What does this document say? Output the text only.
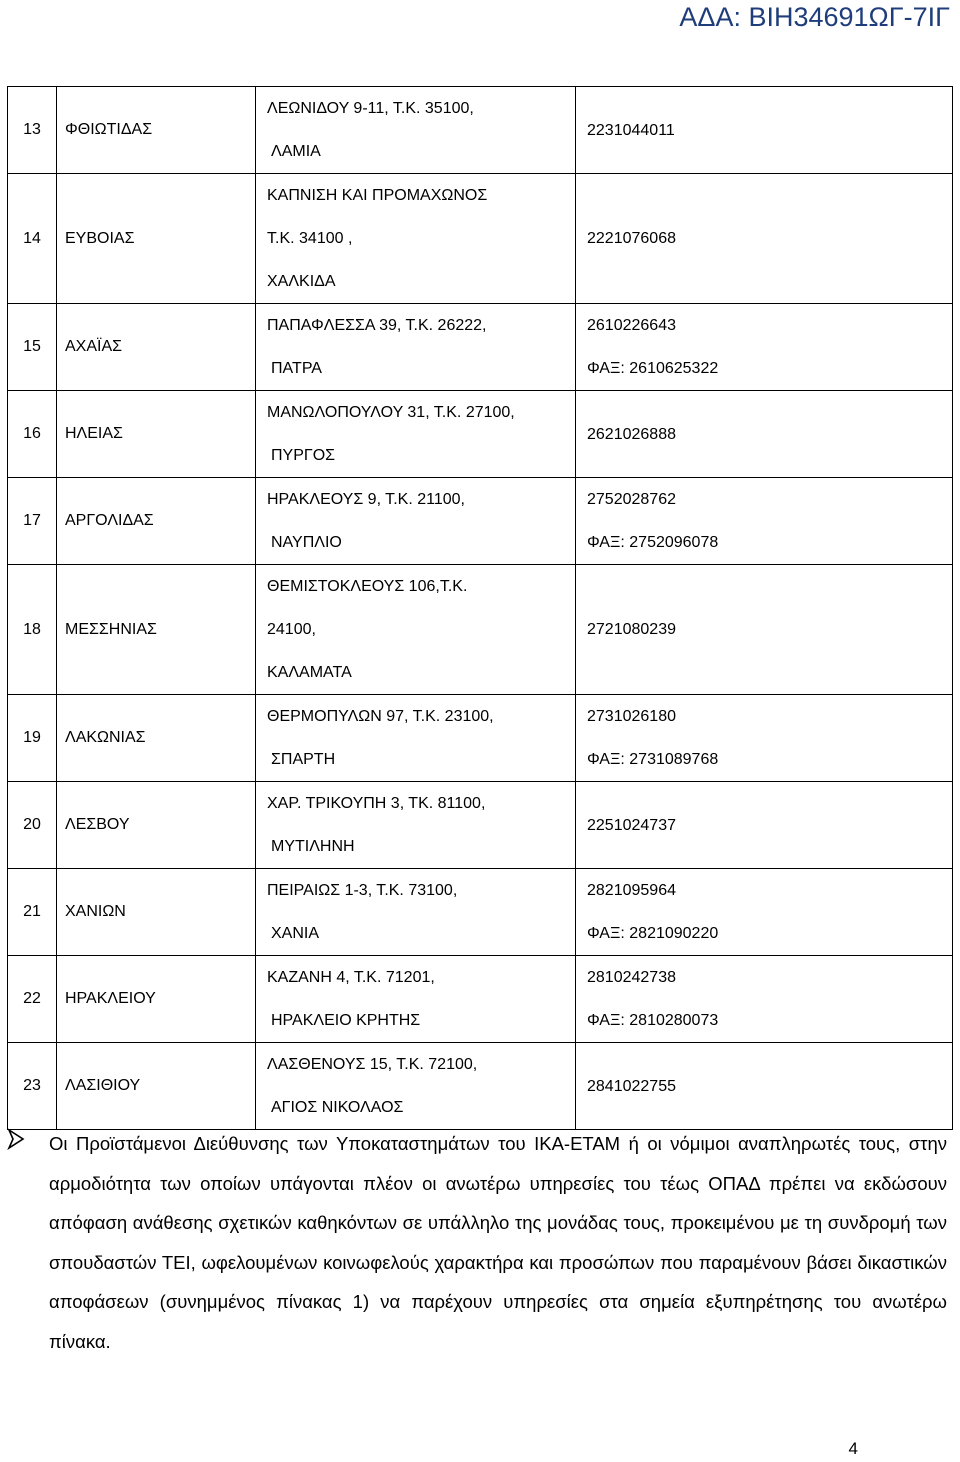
ΑΔΑ: ΒΙΗ34691ΩΓ-7ΙΓ
13	ΦΘΙΩΤΙΔΑΣ	ΛΕΩΝΙΔΟΥ 9-11, Τ.Κ. 35100,
ΛΑΜΙΑ	2231044011

14	ΕΥΒΟΙΑΣ	ΚΑΠΝΙΣΗ ΚΑΙ ΠΡΟΜΑΧΩΝΟΣ
Τ.Κ. 34100 ,
ΧΑΛΚΙΔΑ	2221076068

15	ΑΧΑΪΑΣ	ΠΑΠΑΦΛΕΣΣΑ 39, Τ.Κ. 26222,
ΠΑΤΡΑ	2610226643
ΦΑΞ: 2610625322

16	ΗΛΕΙΑΣ	ΜΑΝΩΛΟΠΟΥΛΟΥ 31, Τ.Κ. 27100,
ΠΥΡΓΟΣ	2621026888

17	ΑΡΓΟΛΙΔΑΣ	ΗΡΑΚΛΕΟΥΣ 9, Τ.Κ. 21100,
ΝΑΥΠΛΙΟ	2752028762
ΦΑΞ: 2752096078

18	ΜΕΣΣΗΝΙΑΣ	ΘΕΜΙΣΤΟΚΛΕΟΥΣ 106,Τ.Κ.
24100,
ΚΑΛΑΜΑΤΑ	2721080239

19	ΛΑΚΩΝΙΑΣ	ΘΕΡΜΟΠΥΛΩΝ 97, Τ.Κ. 23100,
ΣΠΑΡΤΗ	2731026180
ΦΑΞ: 2731089768

20	ΛΕΣΒΟΥ	ΧΑΡ. ΤΡΙΚΟΥΠΗ 3, ΤΚ. 81100,
ΜΥΤΙΛΗΝΗ	2251024737

21	ΧΑΝΙΩΝ	ΠΕΙΡΑΙΩΣ 1-3, Τ.Κ. 73100,
ΧΑΝΙΑ	2821095964
ΦΑΞ: 2821090220

22	ΗΡΑΚΛΕΙΟΥ	ΚΑΖΑΝΗ 4, Τ.Κ. 71201,
ΗΡΑΚΛΕΙΟ ΚΡΗΤΗΣ	2810242738
ΦΑΞ: 2810280073

23	ΛΑΣΙΘΙΟΥ	ΛΑΣΘΕΝΟΥΣ 15, Τ.Κ. 72100,
ΑΓΙΟΣ ΝΙΚΟΛΑΟΣ	2841022755
Οι Προϊστάμενοι Διεύθυνσης των Υποκαταστημάτων του ΙΚΑ-ΕΤΑΜ ή οι νόμιμοι αναπληρωτές τους, στην αρμοδιότητα των οποίων υπάγονται πλέον οι ανωτέρω υπηρεσίες του τέως ΟΠΑΔ πρέπει να εκδώσουν απόφαση ανάθεσης σχετικών καθηκόντων σε υπάλληλο της μονάδας τους, προκειμένου με τη συνδρομή των σπουδαστών ΤΕΙ, ωφελουμένων κοινωφελούς χαρακτήρα και προσώπων που παραμένουν βάσει δικαστικών αποφάσεων (συνημμένος πίνακας 1) να παρέχουν υπηρεσίες στα σημεία εξυπηρέτησης του ανωτέρω πίνακα.
4
